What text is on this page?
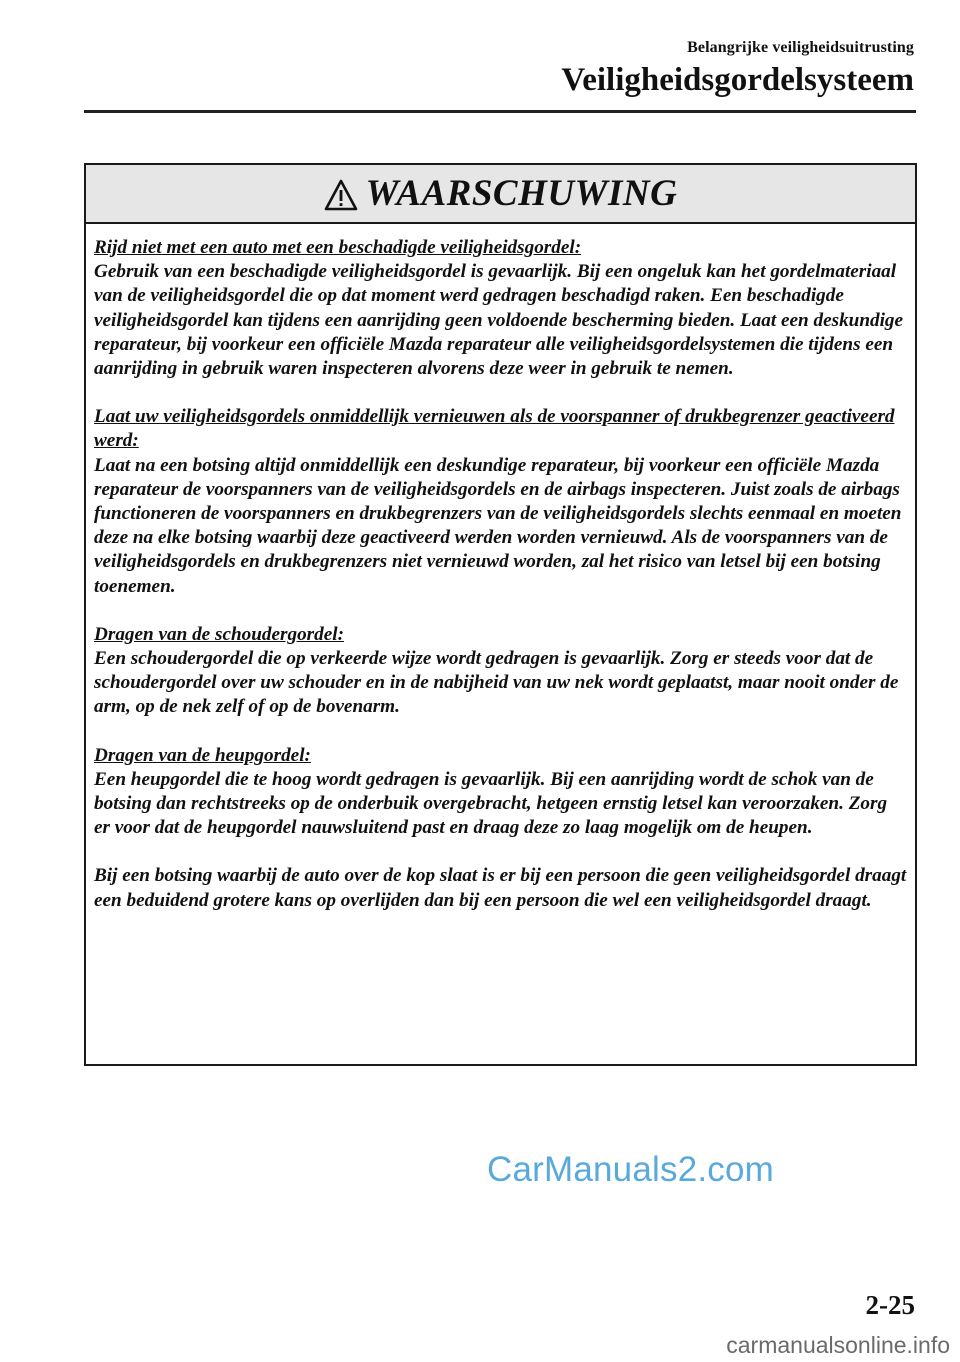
Belangrijke veiligheidsuitrusting

Veiligheidsgordelsysteem

WAARSCHUWING

Rijd niet met een auto met een beschadigde veiligheidsgordel:
Gebruik van een beschadigde veiligheidsgordel is gevaarlijk. Bij een ongeluk kan het gordelmateriaal van de veiligheidsgordel die op dat moment werd gedragen beschadigd raken. Een beschadigde veiligheidsgordel kan tijdens een aanrijding geen voldoende bescherming bieden. Laat een deskundige reparateur, bij voorkeur een officiële Mazda reparateur alle veiligheidsgordelsystemen die tijdens een aanrijding in gebruik waren inspecteren alvorens deze weer in gebruik te nemen.

Laat uw veiligheidsgordels onmiddellijk vernieuwen als de voorspanner of drukbegrenzer geactiveerd werd:
Laat na een botsing altijd onmiddellijk een deskundige reparateur, bij voorkeur een officiële Mazda reparateur de voorspanners van de veiligheidsgordels en de airbags inspecteren. Juist zoals de airbags functioneren de voorspanners en drukbegrenzers van de veiligheidsgordels slechts eenmaal en moeten deze na elke botsing waarbij deze geactiveerd werden worden vernieuwd. Als de voorspanners van de veiligheidsgordels en drukbegrenzers niet vernieuwd worden, zal het risico van letsel bij een botsing toenemen.

Dragen van de schoudergordel:
Een schoudergordel die op verkeerde wijze wordt gedragen is gevaarlijk. Zorg er steeds voor dat de schoudergordel over uw schouder en in de nabijheid van uw nek wordt geplaatst, maar nooit onder de arm, op de nek zelf of op de bovenarm.

Dragen van de heupgordel:
Een heupgordel die te hoog wordt gedragen is gevaarlijk. Bij een aanrijding wordt de schok van de botsing dan rechtstreeks op de onderbuik overgebracht, hetgeen ernstig letsel kan veroorzaken. Zorg er voor dat de heupgordel nauwsluitend past en draag deze zo laag mogelijk om de heupen.

Bij een botsing waarbij de auto over de kop slaat is er bij een persoon die geen veiligheidsgordel draagt een beduidend grotere kans op overlijden dan bij een persoon die wel een veiligheidsgordel draagt.

CarManuals2.com
2-25
carmanualsonline.info
